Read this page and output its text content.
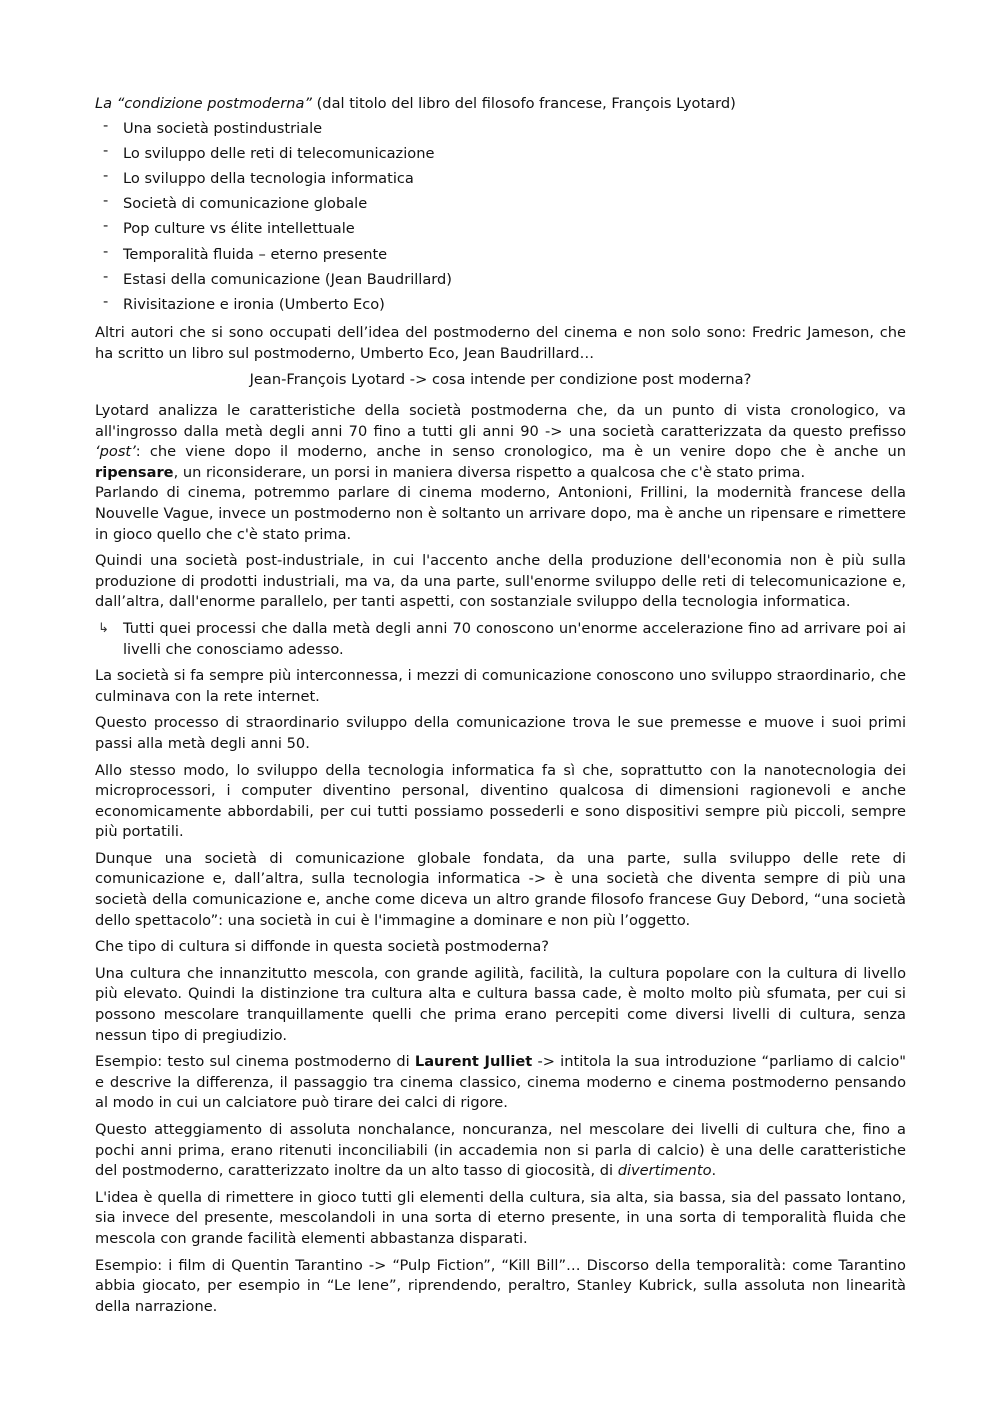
La “condizione postmoderna” (dal titolo del libro del filosofo francese, François Lyotard)

- Una società postindustriale
- Lo sviluppo delle reti di telecomunicazione
- Lo sviluppo della tecnologia informatica
- Società di comunicazione globale
- Pop culture vs élite intellettuale
- Temporalità fluida – eterno presente
- Estasi della comunicazione (Jean Baudrillard)
- Rivisitazione e ironia (Umberto Eco)

Altri autori che si sono occupati dell’idea del postmoderno del cinema e non solo sono: Fredric Jameson, che ha scritto un libro sul postmoderno, Umberto Eco, Jean Baudrillard…

Jean-François Lyotard -> cosa intende per condizione post moderna?

Lyotard analizza le caratteristiche della società postmoderna che, da un punto di vista cronologico, va all'ingrosso dalla metà degli anni 70 fino a tutti gli anni 90 -> una società caratterizzata da questo prefisso ‘post’: che viene dopo il moderno, anche in senso cronologico, ma è un venire dopo che è anche un ripensare, un riconsiderare, un porsi in maniera diversa rispetto a qualcosa che c'è stato prima.

Parlando di cinema, potremmo parlare di cinema moderno, Antonioni, Frillini, la modernità francese della Nouvelle Vague, invece un postmoderno non è soltanto un arrivare dopo, ma è anche un ripensare e rimettere in gioco quello che c'è stato prima.

Quindi una società post-industriale, in cui l'accento anche della produzione dell'economia non è più sulla produzione di prodotti industriali, ma va, da una parte, sull'enorme sviluppo delle reti di telecomunicazione e, dall’altra, dall'enorme parallelo, per tanti aspetti, con sostanziale sviluppo della tecnologia informatica.

↳ Tutti quei processi che dalla metà degli anni 70 conoscono un'enorme accelerazione fino ad arrivare poi ai livelli che conosciamo adesso.

La società si fa sempre più interconnessa, i mezzi di comunicazione conoscono uno sviluppo straordinario, che culminava con la rete internet.

Questo processo di straordinario sviluppo della comunicazione trova le sue premesse e muove i suoi primi passi alla metà degli anni 50.

Allo stesso modo, lo sviluppo della tecnologia informatica fa sì che, soprattutto con la nanotecnologia dei microprocessori, i computer diventino personal, diventino qualcosa di dimensioni ragionevoli e anche economicamente abbordabili, per cui tutti possiamo possederli e sono dispositivi sempre più piccoli, sempre più portatili.

Dunque una società di comunicazione globale fondata, da una parte, sulla sviluppo delle rete di comunicazione e, dall’altra, sulla tecnologia informatica -> è una società che diventa sempre di più una società della comunicazione e, anche come diceva un altro grande filosofo francese Guy Debord, “una società dello spettacolo”: una società in cui è l'immagine a dominare e non più l’oggetto.

Che tipo di cultura si diffonde in questa società postmoderna?

Una cultura che innanzitutto mescola, con grande agilità, facilità, la cultura popolare con la cultura di livello più elevato. Quindi la distinzione tra cultura alta e cultura bassa cade, è molto molto più sfumata, per cui si possono mescolare tranquillamente quelli che prima erano percepiti come diversi livelli di cultura, senza nessun tipo di pregiudizio.

Esempio: testo sul cinema postmoderno di Laurent Julliet -> intitola la sua introduzione “parliamo di calcio" e descrive la differenza, il passaggio tra cinema classico, cinema moderno e cinema postmoderno pensando al modo in cui un calciatore può tirare dei calci di rigore.

Questo atteggiamento di assoluta nonchalance, noncuranza, nel mescolare dei livelli di cultura che, fino a pochi anni prima, erano ritenuti inconciliabili (in accademia non si parla di calcio) è una delle caratteristiche del postmoderno, caratterizzato inoltre da un alto tasso di giocosità, di divertimento.

L'idea è quella di rimettere in gioco tutti gli elementi della cultura, sia alta, sia bassa, sia del passato lontano, sia invece del presente, mescolandoli in una sorta di eterno presente, in una sorta di temporalità fluida che mescola con grande facilità elementi abbastanza disparati.

Esempio: i film di Quentin Tarantino -> “Pulp Fiction”, “Kill Bill”… Discorso della temporalità: come Tarantino abbia giocato, per esempio in “Le Iene”, riprendendo, peraltro, Stanley Kubrick, sulla assoluta non linearità della narrazione.
